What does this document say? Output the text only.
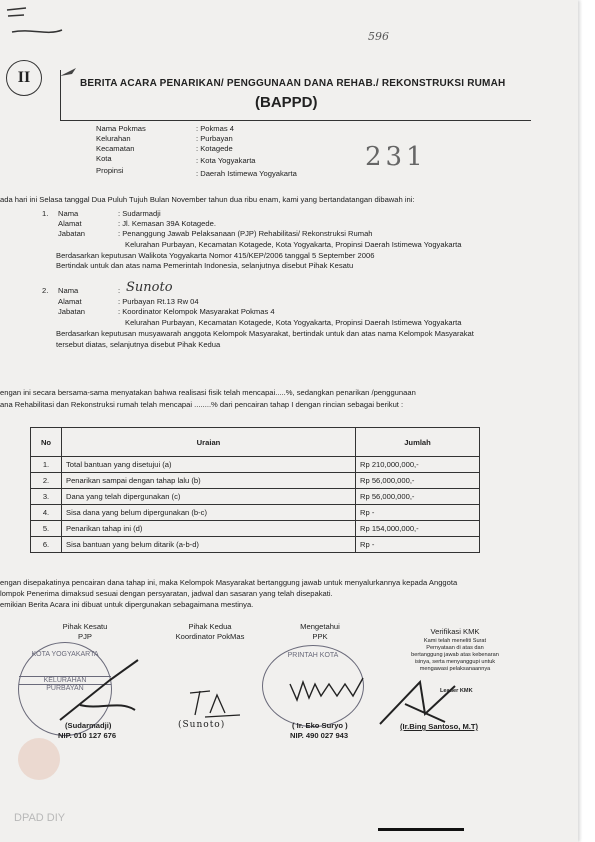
596
II	BERITA ACARA PENARIKAN/ PENGGUNAAN DANA REHAB./ REKONSTRUKSI RUMAH
(BAPPD)
Nama Pokmas	: Pokmas 4
Kelurahan	: Purbayan
Kecamatan	: Kotagede
Kota	: Kota Yogyakarta
Propinsi	: Daerah Istimewa Yogyakarta
231
ada hari ini Selasa tanggal Dua Puluh Tujuh Bulan November tahun dua ribu enam, kami yang bertandatangan dibawah ini:
1. Nama	: Sudarmadji
Alamat	: Jl. Kemasan 39A Kotagede.
Jabatan	: Penanggung Jawab Pelaksanaan (PJP) Rehabilitasi/ Rekonstruksi Rumah
Kelurahan Purbayan, Kecamatan Kotagede, Kota Yogyakarta, Propinsi Daerah Istimewa Yogyakarta
Berdasarkan keputusan Walikota Yogyakarta Nomor 415/KEP/2006 tanggal 5 September 2006
Bertindak untuk dan atas nama Pemerintah Indonesia, selanjutnya disebut Pihak Kesatu
2. Nama	: Sunoto
Alamat	: Purbayan Rt.13 Rw 04
Jabatan	: Koordinator Kelompok Masyarakat Pokmas 4
Kelurahan Purbayan, Kecamatan Kotagede, Kota Yogyakarta, Propinsi Daerah Istimewa Yogyakarta
Berdasarkan keputusan musyawarah anggota Kelompok Masyarakat, bertindak untuk dan atas nama Kelompok Masyarakat
tersebut diatas, selanjutnya disebut Pihak Kedua
engan ini secara bersama-sama menyatakan bahwa realisasi fisik telah mencapai.....%, sedangkan penarikan /penggunaan
ana Rehabilitasi dan Rekonstruksi rumah telah mencapai ........% dari pencairan tahap I dengan rincian sebagai berikut :
No	Uraian	Jumlah
1.	Total bantuan yang disetujui (a)	Rp 210,000,000,-
2.	Penarikan sampai dengan tahap lalu (b)	Rp 56,000,000,-
3.	Dana yang telah dipergunakan (c)	Rp 56,000,000,-
4.	Sisa dana yang belum dipergunakan (b-c)	Rp -
5.	Penarikan tahap ini (d)	Rp 154,000,000,-
6.	Sisa bantuan yang belum ditarik (a-b-d)	Rp -
engan disepakatinya pencairan dana tahap ini, maka Kelompok Masyarakat bertanggung jawab untuk menyalurkannya kepada Anggota
lompok Penerima dimaksud sesuai dengan persyaratan, jadwal dan sasaran yang telah disepakati.
emikian Berita Acara ini dibuat untuk dipergunakan sebagaimana mestinya.
Pihak Kesatu
PJP
KOTA YOGYAKARTA
KELURAHAN
PURBAYAN
(Sudarmadji)
NIP. 010 127 676
Pihak Kedua
Koordinator PokMas
(Sunoto)
Mengetahui
PPK
PRINTAH KOTA
( Ir. Eko Suryo )
NIP. 490 027 943
Verifikasi KMK
Kami telah meneliti Surat
Pernyataan di atas dan
bertanggung jawab atas kebenaran
isinya, serta menyanggupi untuk
mengawasi pelaksanaannya
Leader KMK
(Ir.Bing Santoso, M.T)
DPAD DIY
